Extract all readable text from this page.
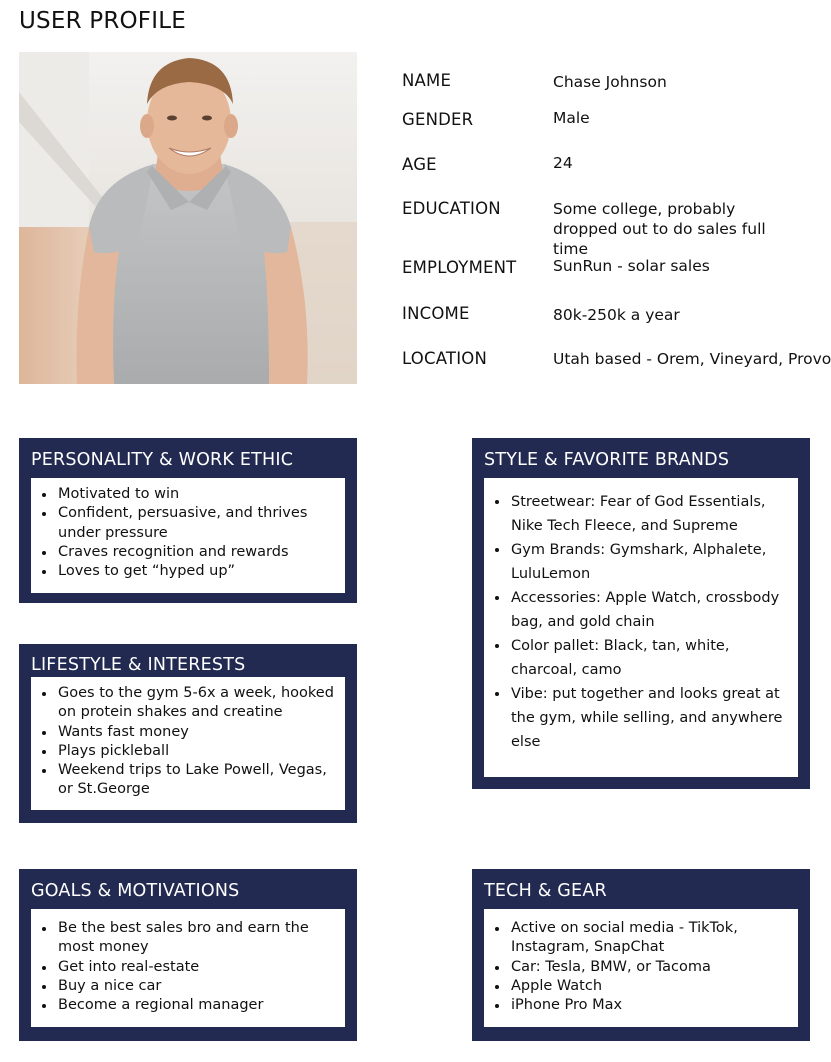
USER PROFILE
NAME	Chase Johnson
GENDER	Male
AGE	24
EDUCATION	Some college, probably dropped out to do sales full time
EMPLOYMENT SunRun - solar sales
INCOME	80k-250k a year
LOCATION	Utah based - Orem, Vineyard, Provo
PERSONALITY & WORK ETHIC
Motivated to win
Confident, persuasive, and thrives under pressure
Craves recognition and rewards
Loves to get “hyped up”
LIFESTYLE & INTERESTS
Goes to the gym 5-6x a week, hooked on protein shakes and creatine
Wants fast money
Plays pickleball
Weekend trips to Lake Powell, Vegas, or St.George
GOALS & MOTIVATIONS
Be the best sales bro and earn the most money
Get into real-estate
Buy a nice car
Become a regional manager
STYLE & FAVORITE BRANDS
Streetwear: Fear of God Essentials, Nike Tech Fleece, and Supreme
Gym Brands: Gymshark, Alphalete, LuluLemon
Accessories: Apple Watch, crossbody bag, and gold chain
Color pallet: Black, tan, white, charcoal, camo
Vibe: put together and looks great at the gym, while selling, and anywhere else
TECH & GEAR
Active on social media - TikTok, Instagram, SnapChat
Car: Tesla, BMW, or Tacoma
Apple Watch
iPhone Pro Max
